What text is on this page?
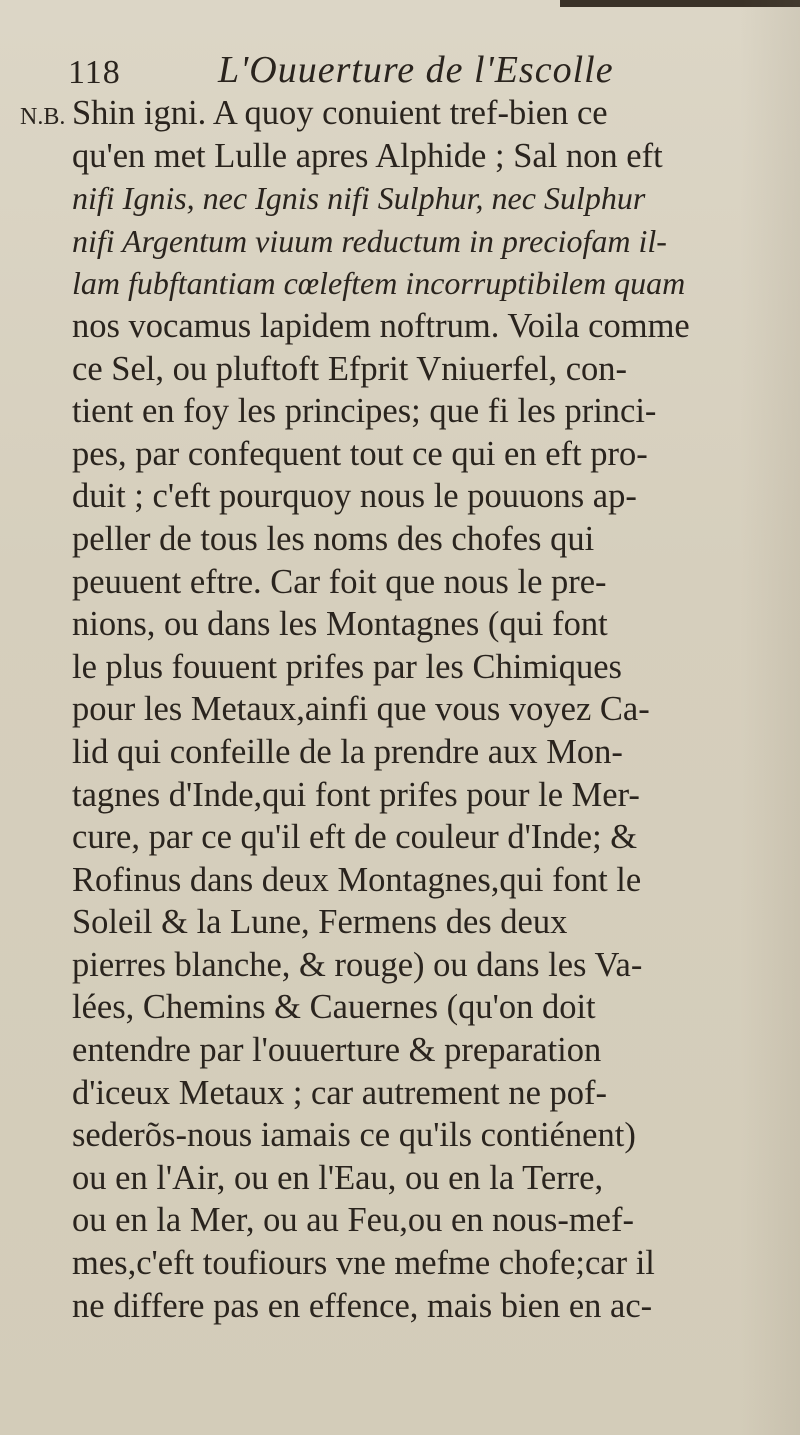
118	L'Ouuerture de l'Escolle
N.B. Shin igni. A quoy conuient tref-bien ce
qu'en met Lulle apres Alphide ; Sal non eft
nifi Ignis, nec Ignis nifi Sulphur, nec Sulphur
nifi Argentum viuum reductum in preciofam il-
lam fubftantiam cœleftem incorruptibilem quam
nos vocamus lapidem noftrum. Voila comme
ce Sel, ou pluftoft Efprit Vniuerfel, con-
tient en foy les principes; que fi les princi-
pes, par confequent tout ce qui en eft pro-
duit ; c'eft pourquoy nous le pouuons ap-
peller de tous les noms des chofes qui
peuuent eftre. Car foit que nous le pre-
nions, ou dans les Montagnes (qui font
le plus fouuent prifes par les Chimiques
pour les Metaux,ainfi que vous voyez Ca-
lid qui confeille de la prendre aux Mon-
tagnes d'Inde,qui font prifes pour le Mer-
cure, par ce qu'il eft de couleur d'Inde; &
Rofinus dans deux Montagnes,qui font le
Soleil & la Lune, Fermens des deux
pierres blanche, & rouge) ou dans les Va-
lées, Chemins & Cauernes (qu'on doit
entendre par l'ouuerture & preparation
d'iceux Metaux ; car autrement ne pof-
sederõs-nous iamais ce qu'ils contiénent)
ou en l'Air, ou en l'Eau, ou en la Terre,
ou en la Mer, ou au Feu,ou en nous-mef-
mes,c'eft toufiours vne mefme chofe;car il
ne differe pas en effence, mais bien en ac-
